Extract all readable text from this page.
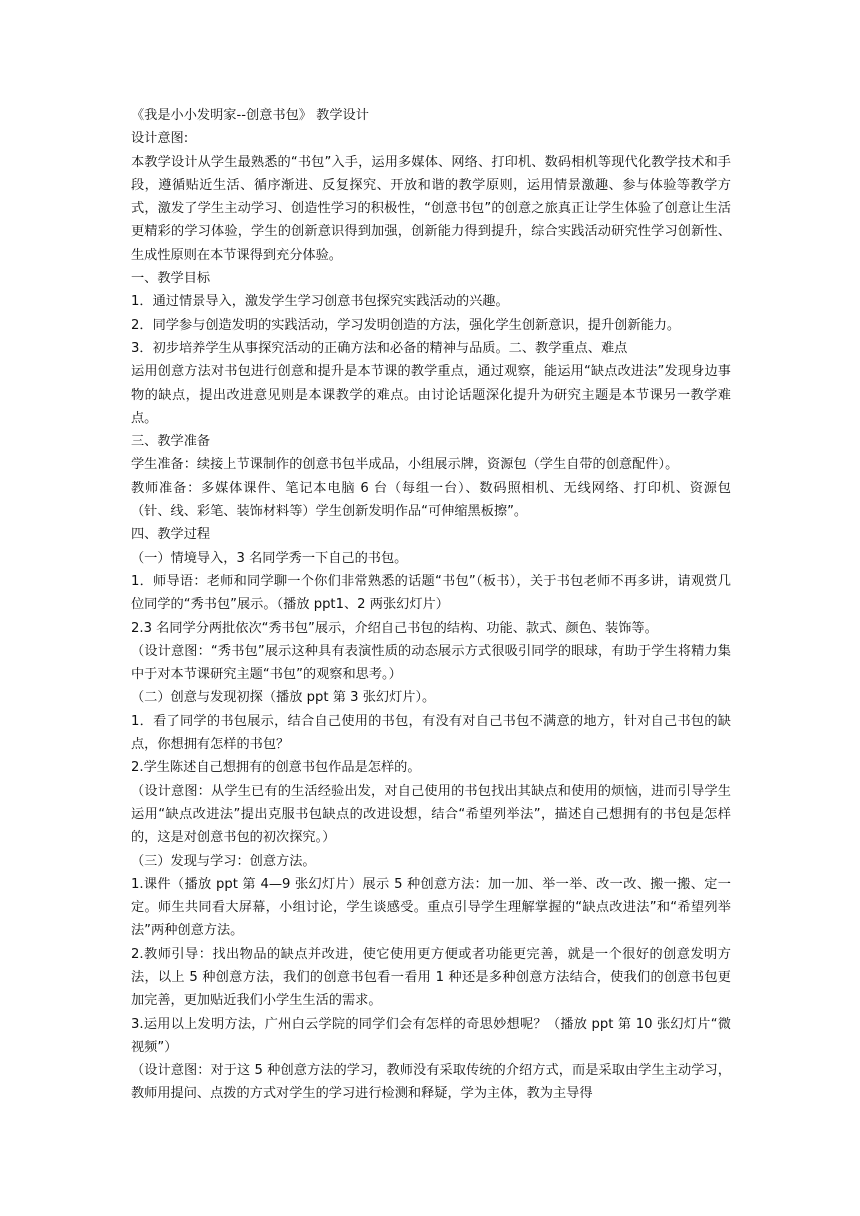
《我是小小发明家--创意书包》 教学设计
设计意图:
本教学设计从学生最熟悉的“书包”入手，运用多媒体、网络、打印机、数码相机等现代化教学技术和手段，遵循贴近生活、循序渐进、反复探究、开放和谐的教学原则，运用情景激趣、参与体验等教学方式，激发了学生主动学习、创造性学习的积极性，“创意书包”的创意之旅真正让学生体验了创意让生活更精彩的学习体验，学生的创新意识得到加强，创新能力得到提升，综合实践活动研究性学习创新性、生成性原则在本节课得到充分体验。
一、教学目标
1．通过情景导入，激发学生学习创意书包探究实践活动的兴趣。
2．同学参与创造发明的实践活动，学习发明创造的方法，强化学生创新意识，提升创新能力。
3．初步培养学生从事探究活动的正确方法和必备的精神与品质。二、教学重点、难点
运用创意方法对书包进行创意和提升是本节课的教学重点，通过观察，能运用“缺点改进法”发现身边事物的缺点，提出改进意见则是本课教学的难点。由讨论话题深化提升为研究主题是本节课另一教学难点。
三、教学准备
学生准备：续接上节课制作的创意书包半成品，小组展示牌，资源包（学生自带的创意配件）。
教师准备：多媒体课件、笔记本电脑 6 台（每组一台）、数码照相机、无线网络、打印机、资源包（针、线、彩笔、装饰材料等）学生创新发明作品“可伸缩黑板擦”。
四、教学过程
（一）情境导入，3 名同学秀一下自己的书包。
1．师导语：老师和同学聊一个你们非常熟悉的话题“书包”（板书），关于书包老师不再多讲，请观赏几位同学的“秀书包”展示。（播放 ppt1、2 两张幻灯片）
2.3 名同学分两批依次“秀书包”展示，介绍自己书包的结构、功能、款式、颜色、装饰等。
（设计意图：“秀书包”展示这种具有表演性质的动态展示方式很吸引同学的眼球，有助于学生将精力集中于对本节课研究主题“书包”的观察和思考。）
（二）创意与发现初探（播放 ppt 第 3 张幻灯片）。
1．看了同学的书包展示，结合自己使用的书包，有没有对自己书包不满意的地方，针对自己书包的缺点，你想拥有怎样的书包？
2.学生陈述自己想拥有的创意书包作品是怎样的。
（设计意图：从学生已有的生活经验出发，对自己使用的书包找出其缺点和使用的烦恼，进而引导学生运用“缺点改进法”提出克服书包缺点的改进设想，结合“希望列举法”，描述自己想拥有的书包是怎样的，这是对创意书包的初次探究。）
（三）发现与学习：创意方法。
1.课件（播放 ppt 第 4—9 张幻灯片）展示 5 种创意方法：加一加、举一举、改一改、搬一搬、定一定。师生共同看大屏幕，小组讨论，学生谈感受。重点引导学生理解掌握的“缺点改进法”和“希望列举法”两种创意方法。
2.教师引导：找出物品的缺点并改进，使它使用更方便或者功能更完善，就是一个很好的创意发明方法，以上 5 种创意方法，我们的创意书包看一看用 1 种还是多种创意方法结合，使我们的创意书包更加完善，更加贴近我们小学生生活的需求。
3.运用以上发明方法，广州白云学院的同学们会有怎样的奇思妙想呢？（播放 ppt 第 10 张幻灯片“微视频”）
（设计意图：对于这 5 种创意方法的学习，教师没有采取传统的介绍方式，而是采取由学生主动学习，教师用提问、点拨的方式对学生的学习进行检测和释疑，学为主体，教为主导得
